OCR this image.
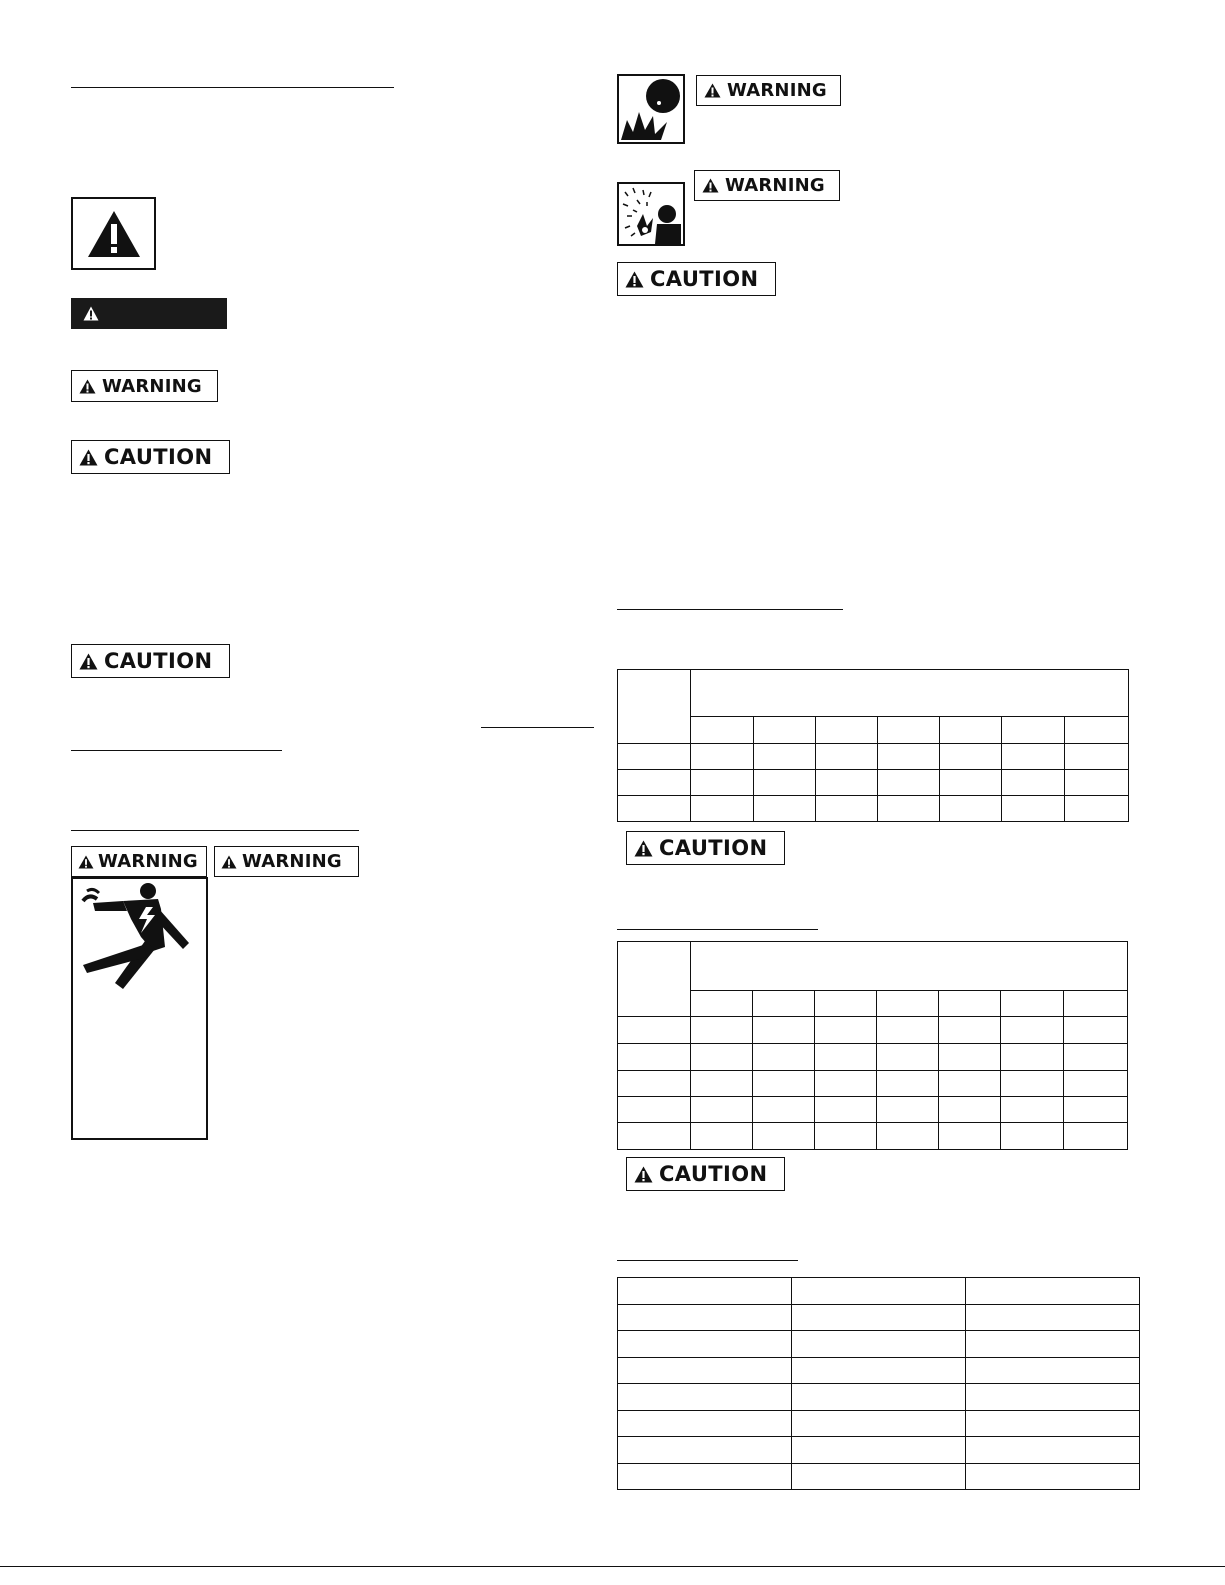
WARNING
CAUTION
CAUTION
WARNING WARNING
WARNING
WARNING
CAUTION

CAUTION

CAUTION
